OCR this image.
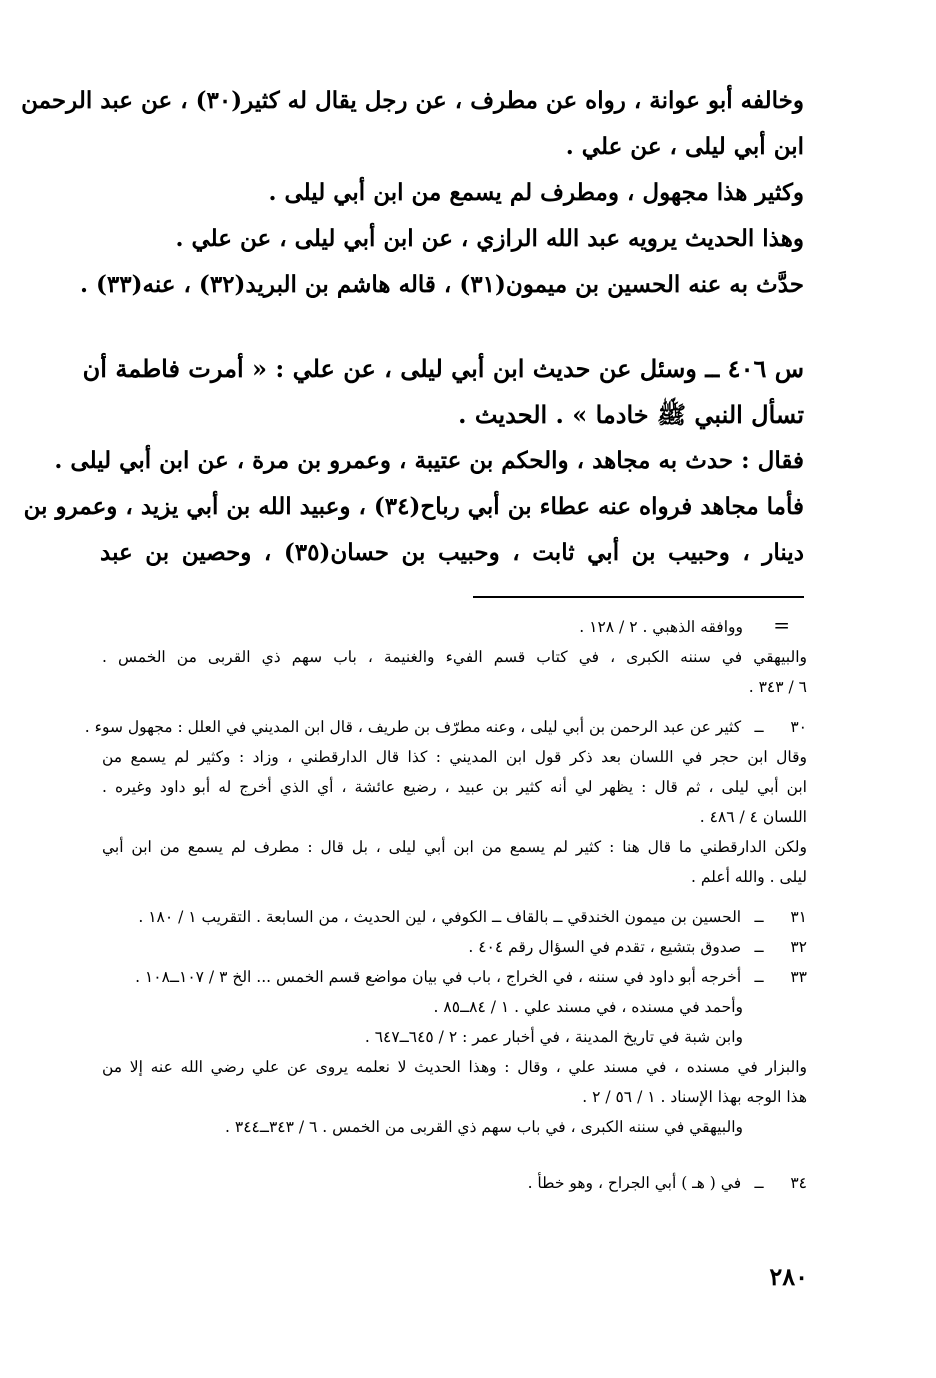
وخالفه أبو عوانة ، رواه عن مطرف ، عن رجل يقال له كثير(٣٠) ، عن عبد الرحمن
ابن أبي ليلى ، عن علي .
وكثير هذا مجهول ، ومطرف لم يسمع من ابن أبي ليلى .
وهذا الحديث يرويه عبد الله الرازي ، عن ابن أبي ليلى ، عن علي .
حدَّث به عنه الحسين بن ميمون(٣١) ، قاله هاشم بن البريد(٣٢) ، عنه(٣٣) .
س ٤٠٦ ــ وسئل عن حديث ابن أبي ليلى ، عن علي : « أمرت فاطمة أن
تسأل النبي ﷺ خادما » . الحديث .
فقال : حدث به مجاهد ، والحكم بن عتيبة ، وعمرو بن مرة ، عن ابن أبي ليلى .
فأما مجاهد فرواه عنه عطاء بن أبي رباح(٣٤) ، وعبيد الله بن أبي يزيد ، وعمرو بن
دينار ، وحبيب بن أبي ثابت ، وحبيب بن حسان(٣٥) ، وحصين بن عبد
=
ووافقه الذهبي . ٢ / ١٢٨ .
والبيهقي في سننه الكبرى ، في كتاب قسم الفيء والغنيمة ، باب سهم ذي القربى من الخمس .
٦ / ٣٤٣ .
٣٠ ــ كثير عن عبد الرحمن بن أبي ليلى ، وعنه مطرّف بن طريف ، قال ابن المديني في العلل : مجهول سوء .
وقال ابن حجر في اللسان بعد ذكر قول ابن المديني : كذا قال الدارقطني ، وزاد : وكثير لم يسمع من
ابن أبي ليلى ، ثم قال : يظهر لي أنه كثير بن عبيد ، رضيع عائشة ، أي الذي أخرج له أبو داود وغيره .
اللسان ٤ / ٤٨٦ .
ولكن الدارقطني ما قال هنا : كثير لم يسمع من ابن أبي ليلى ، بل قال : مطرف لم يسمع من ابن أبي
ليلى . والله أعلم .
٣١ ــ الحسين بن ميمون الخندقي ــ بالقاف ــ الكوفي ، لين الحديث ، من السابعة . التقريب ١ / ١٨٠ .
٣٢ ــ صدوق بتشيع ، تقدم في السؤال رقم ٤٠٤ .
٣٣ ــ أخرجه أبو داود في سننه ، في الخراج ، باب في بيان مواضع قسم الخمس ... الخ ٣ / ١٠٧ــ١٠٨ .
وأحمد في مسنده ، في مسند علي . ١ / ٨٤ــ٨٥ .
وابن شبة في تاريخ المدينة ، في أخبار عمر : ٢ / ٦٤٥ــ٦٤٧ .
والبزار في مسنده ، في مسند علي ، وقال : وهذا الحديث لا نعلمه يروى عن علي رضي الله عنه إلا من
هذا الوجه بهذا الإسناد . ١ / ٥٦ / ٢ .
والبيهقي في سننه الكبرى ، في باب سهم ذي القربى من الخمس . ٦ / ٣٤٣ــ٣٤٤ .
٣٤ ــ في ( هـ ) أبي الجراح ، وهو خطأ .
٢٨٠
